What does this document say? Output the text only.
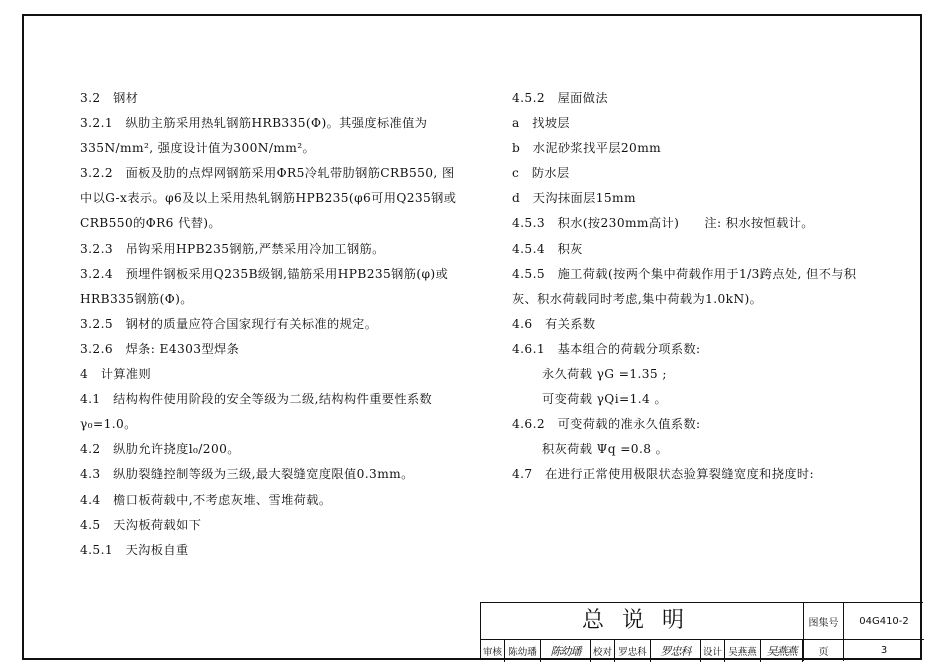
3.2　钢材
3.2.1　纵肋主筋采用热轧钢筋HRB335(Φ)。其强度标准值为
335N/mm², 强度设计值为300N/mm²。
3.2.2　面板及肋的点焊网钢筋采用ΦR5冷轧带肋钢筋CRB550, 图
中以G-x表示。φ6及以上采用热轧钢筋HPB235(φ6可用Q235钢或
CRB550的ΦR6 代替)。
3.2.3　吊钩采用HPB235钢筋,严禁采用冷加工钢筋。
3.2.4　预埋件钢板采用Q235B级钢,锚筋采用HPB235钢筋(φ)或
HRB335钢筋(Φ)。
3.2.5　钢材的质量应符合国家现行有关标准的规定。
3.2.6　焊条: E4303型焊条
4　计算准则
4.1　结构构件使用阶段的安全等级为二级,结构构件重要性系数
γ₀=1.0。
4.2　纵肋允许挠度l₀/200。
4.3　纵肋裂缝控制等级为三级,最大裂缝宽度限值0.3mm。
4.4　檐口板荷载中,不考虑灰堆、雪堆荷载。
4.5　天沟板荷载如下
4.5.1　天沟板自重
4.5.2　屋面做法
a　找坡层
b　水泥砂浆找平层20mm
c　防水层
d　天沟抹面层15mm
4.5.3　积水(按230mm高计)　　注: 积水按恒载计。
4.5.4　积灰
4.5.5　施工荷载(按两个集中荷载作用于1/3跨点处, 但不与积
灰、积水荷载同时考虑,集中荷载为1.0kN)。
4.6　有关系数
4.6.1　基本组合的荷载分项系数:
永久荷载 γG =1.35 ;
可变荷载 γQi=1.4 。
4.6.2　可变荷载的准永久值系数:
积灰荷载 Ψq =0.8 。
4.7　在进行正常使用极限状态验算裂缝宽度和挠度时:
总说明	图集号	04G410-2
页	3
审核 陈幼璠	陈幼璠	校对 罗忠科	罗忠科	设计 吴燕燕 吴燕燕
